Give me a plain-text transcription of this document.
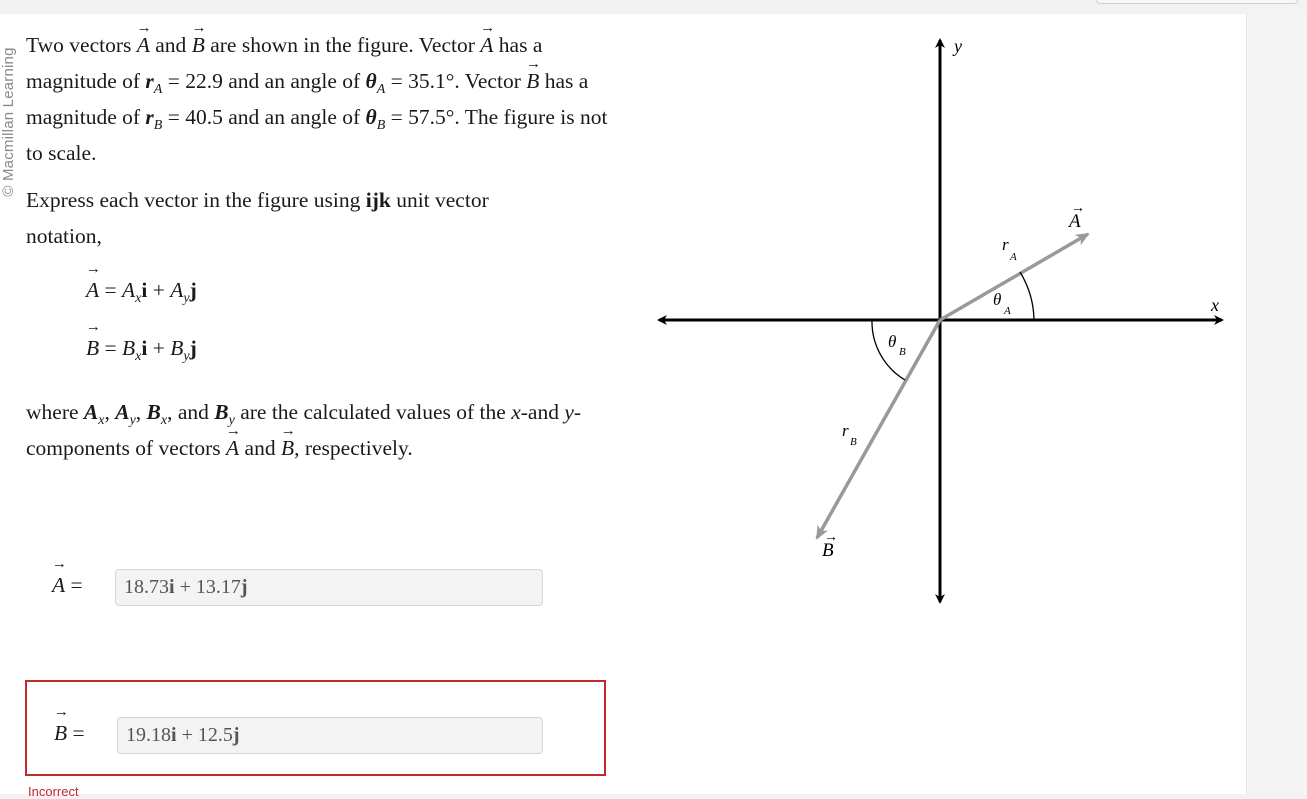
© Macmillan Learning
Two vectors → A and → B are shown in the figure. Vector → A has a magnitude of $r_A = 22.9$ and an angle of $\theta_A = 35.1^\circ$. Vector → B has a magnitude of $r_B = 40.5$ and an angle of $\theta_B = 57.5^\circ$. The figure is not to scale.
Express each vector in the figure using ijk unit vector notation,
→ $A = A_xi + A_yj$
→ $B = B_xi + B_yj$
where $A_x$, $A_y$, $B_x$, and $B_y$ are the calculated values of the x-and y-components of vectors → A and → B, respectively.
→ A =	18.73i + 13.17j
→ B =	19.18i + 12.5j
Incorrect
y
x
A
→
B
→
r
A
r
B
θ
A
θ
B
